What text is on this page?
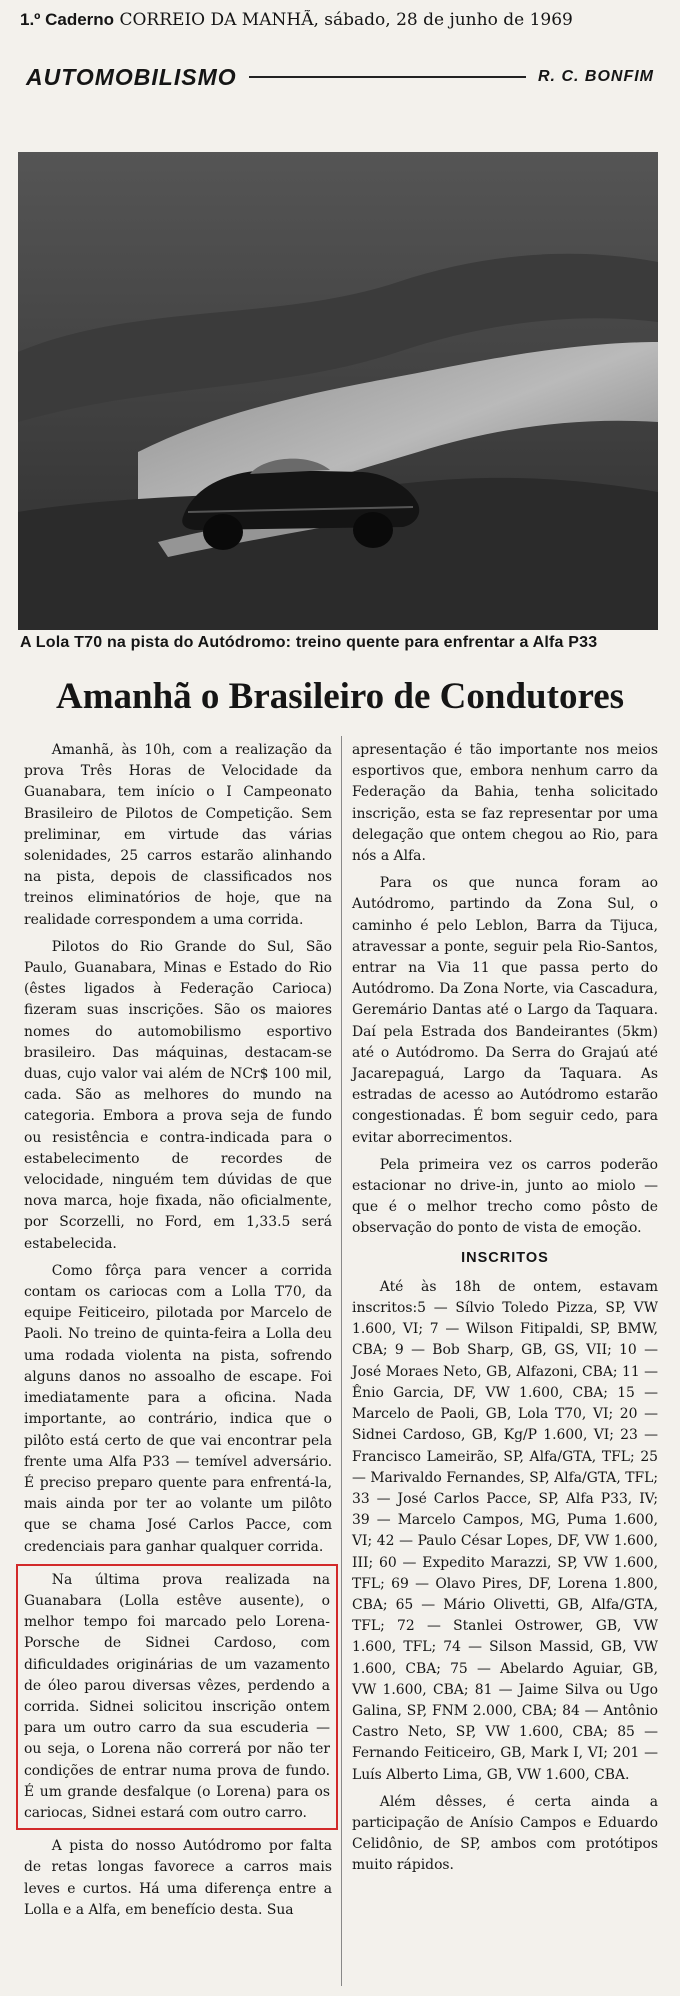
1.º Caderno CORREIO DA MANHÃ, sábado, 28 de junho de 1969
AUTOMOBILISMO	R. C. BONFIM
A Lola T70 na pista do Autódromo: treino quente para enfrentar a Alfa P33
Amanhã o Brasileiro de Condutores

Amanhã, às 10h, com a realização da prova Três Horas de Velocidade da Guanabara, tem início o I Campeonato Brasileiro de Pilotos de Competição. Sem preliminar, em virtude das várias solenidades, 25 carros estarão alinhando na pista, depois de classificados nos treinos eliminatórios de hoje, que na realidade correspondem a uma corrida.

Pilotos do Rio Grande do Sul, São Paulo, Guanabara, Minas e Estado do Rio (êstes ligados à Federação Carioca) fizeram suas inscrições. São os maiores nomes do automobilismo esportivo brasileiro. Das máquinas, destacam-se duas, cujo valor vai além de NCr$ 100 mil, cada. São as melhores do mundo na categoria. Embora a prova seja de fundo ou resistência e contra-indicada para o estabelecimento de recordes de velocidade, ninguém tem dúvidas de que nova marca, hoje fixada, não oficialmente, por Scorzelli, no Ford, em 1,33.5 será estabelecida.

Como fôrça para vencer a corrida contam os cariocas com a Lolla T70, da equipe Feiticeiro, pilotada por Marcelo de Paoli. No treino de quinta-feira a Lolla deu uma rodada violenta na pista, sofrendo alguns danos no assoalho de escape. Foi imediatamente para a oficina. Nada importante, ao contrário, indica que o pilôto está certo de que vai encontrar pela frente uma Alfa P33 — temível adversário. É preciso preparo quente para enfrentá-la, mais ainda por ter ao volante um pilôto que se chama José Carlos Pacce, com credenciais para ganhar qualquer corrida.

Na última prova realizada na Guanabara (Lolla estêve ausente), o melhor tempo foi marcado pelo Lorena-Porsche de Sidnei Cardoso, com dificuldades originárias de um vazamento de óleo parou diversas vêzes, perdendo a corrida. Sidnei solicitou inscrição ontem para um outro carro da sua escuderia — ou seja, o Lorena não correrá por não ter condições de entrar numa prova de fundo. É um grande desfalque (o Lorena) para os cariocas, Sidnei estará com outro carro.

A pista do nosso Autódromo por falta de retas longas favorece a carros mais leves e curtos. Há uma diferença entre a Lolla e a Alfa, em benefício desta. Sua

apresentação é tão importante nos meios esportivos que, embora nenhum carro da Federação da Bahia, tenha solicitado inscrição, esta se faz representar por uma delegação que ontem chegou ao Rio, para nós a Alfa.

Para os que nunca foram ao Autódromo, partindo da Zona Sul, o caminho é pelo Leblon, Barra da Tijuca, atravessar a ponte, seguir pela Rio-Santos, entrar na Via 11 que passa perto do Autódromo. Da Zona Norte, via Cascadura, Geremário Dantas até o Largo da Taquara. Daí pela Estrada dos Bandeirantes (5km) até o Autódromo. Da Serra do Grajaú até Jacarepaguá, Largo da Taquara. As estradas de acesso ao Autódromo estarão congestionadas. É bom seguir cedo, para evitar aborrecimentos.

Pela primeira vez os carros poderão estacionar no drive-in, junto ao miolo — que é o melhor trecho como pôsto de observação do ponto de vista de emoção.

INSCRITOS

Até às 18h de ontem, estavam inscritos:5 — Sílvio Toledo Pizza, SP, VW 1.600, VI; 7 — Wilson Fitipaldi, SP, BMW, CBA; 9 — Bob Sharp, GB, GS, VII; 10 — José Moraes Neto, GB, Alfazoni, CBA; 11 — Ênio Garcia, DF, VW 1.600, CBA; 15 — Marcelo de Paoli, GB, Lola T70, VI; 20 — Sidnei Cardoso, GB, Kg/P 1.600, VI; 23 — Francisco Lameirão, SP, Alfa/GTA, TFL; 25 — Marivaldo Fernandes, SP, Alfa/GTA, TFL; 33 — José Carlos Pacce, SP, Alfa P33, IV; 39 — Marcelo Campos, MG, Puma 1.600, VI; 42 — Paulo César Lopes, DF, VW 1.600, III; 60 — Expedito Marazzi, SP, VW 1.600, TFL; 69 — Olavo Pires, DF, Lorena 1.800, CBA; 65 — Mário Olivetti, GB, Alfa/GTA, TFL; 72 — Stanlei Ostrower, GB, VW 1.600, TFL; 74 — Silson Massid, GB, VW 1.600, CBA; 75 — Abelardo Aguiar, GB, VW 1.600, CBA; 81 — Jaime Silva ou Ugo Galina, SP, FNM 2.000, CBA; 84 — Antônio Castro Neto, SP, VW 1.600, CBA; 85 — Fernando Feiticeiro, GB, Mark I, VI; 201 — Luís Alberto Lima, GB, VW 1.600, CBA.

Além dêsses, é certa ainda a participação de Anísio Campos e Eduardo Celidônio, de SP, ambos com protótipos muito rápidos.
